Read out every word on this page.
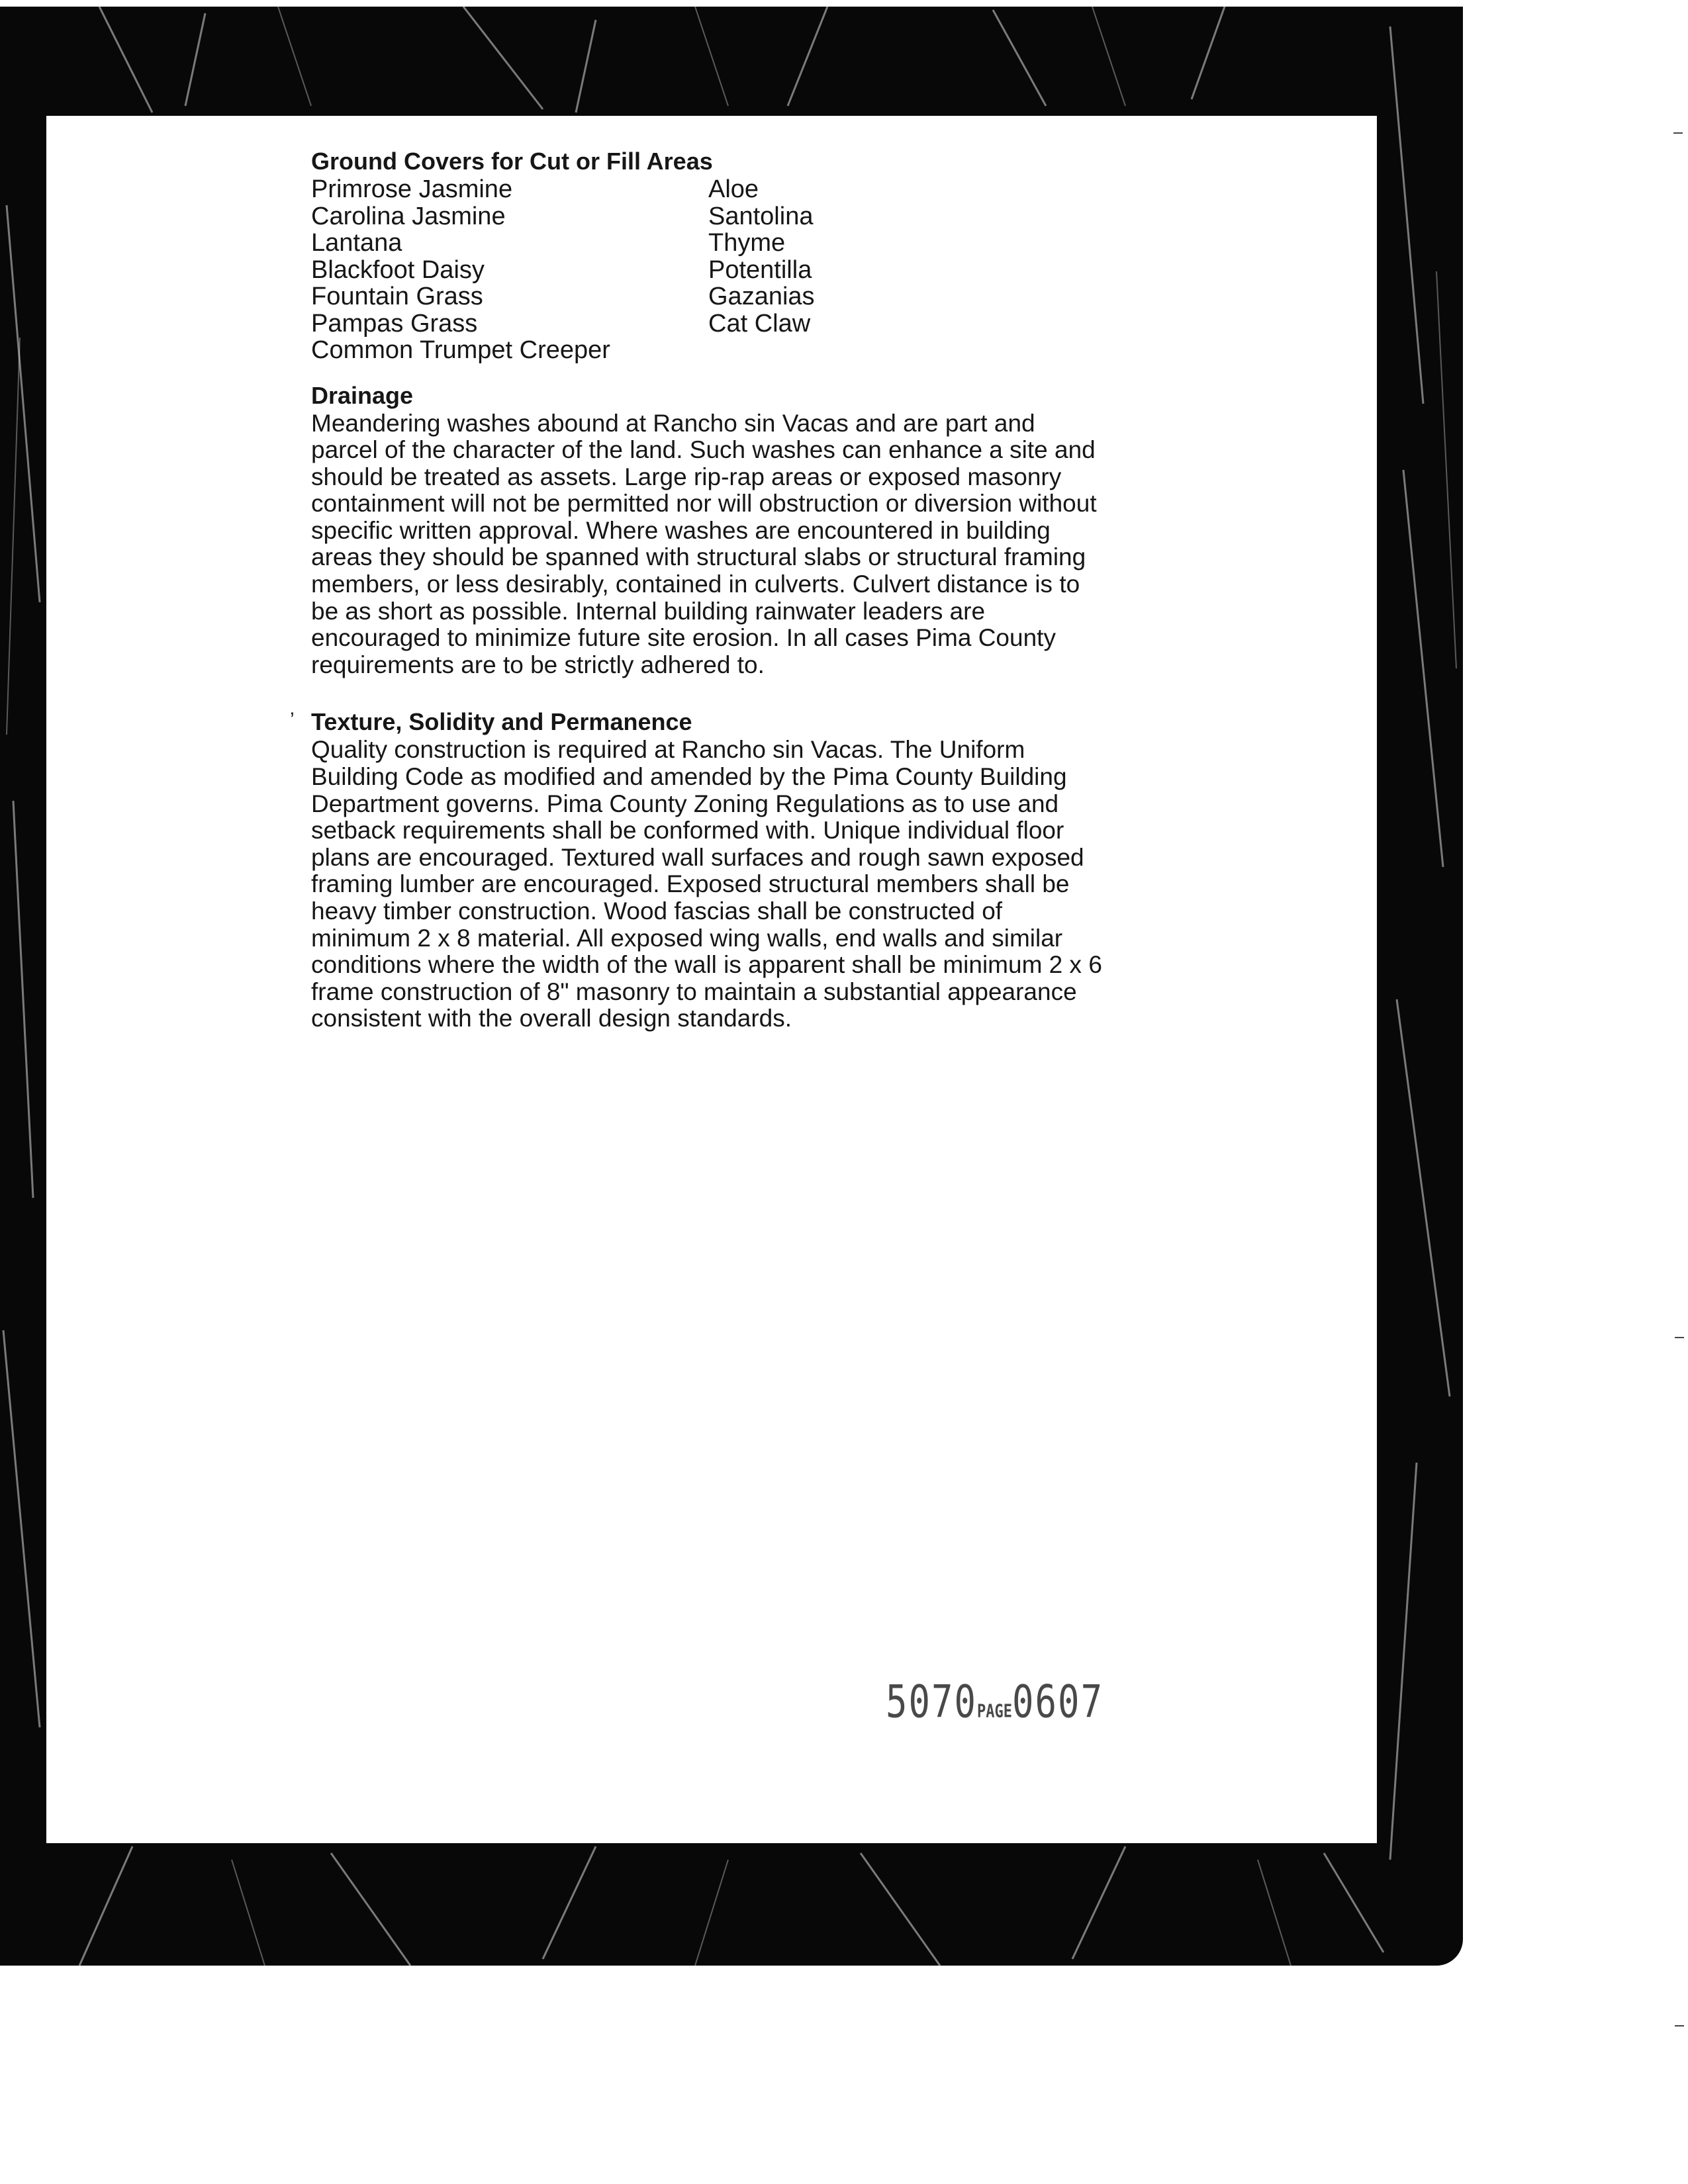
Ground Covers for Cut or Fill Areas
Primrose Jasmine
Carolina Jasmine
Lantana
Blackfoot Daisy
Fountain Grass
Pampas Grass
Common Trumpet Creeper
Aloe
Santolina
Thyme
Potentilla
Gazanias
Cat Claw
Drainage

Meandering washes abound at Rancho sin Vacas and are part and parcel of the character of the land. Such washes can enhance a site and should be treated as assets. Large rip-rap areas or exposed masonry containment will not be permitted nor will obstruction or diversion without specific written approval. Where washes are encountered in building areas they should be spanned with structural slabs or structural framing members, or less desirably, contained in culverts. Culvert distance is to be as short as possible. Internal building rainwater leaders are encouraged to minimize future site erosion. In all cases Pima County requirements are to be strictly adhered to.

’ Texture, Solidity and Permanence

Quality construction is required at Rancho sin Vacas. The Uniform Building Code as modified and amended by the Pima County Building Department governs. Pima County Zoning Regulations as to use and setback requirements shall be conformed with. Unique individual floor plans are encouraged. Textured wall surfaces and rough sawn exposed framing lumber are encouraged. Exposed structural members shall be heavy timber construction. Wood fascias shall be constructed of minimum 2 x 8 material. All exposed wing walls, end walls and similar conditions where the width of the wall is apparent shall be minimum 2 x 6 frame construction of 8" masonry to maintain a substantial appearance consistent with the overall design standards.

5070PAGE0607
